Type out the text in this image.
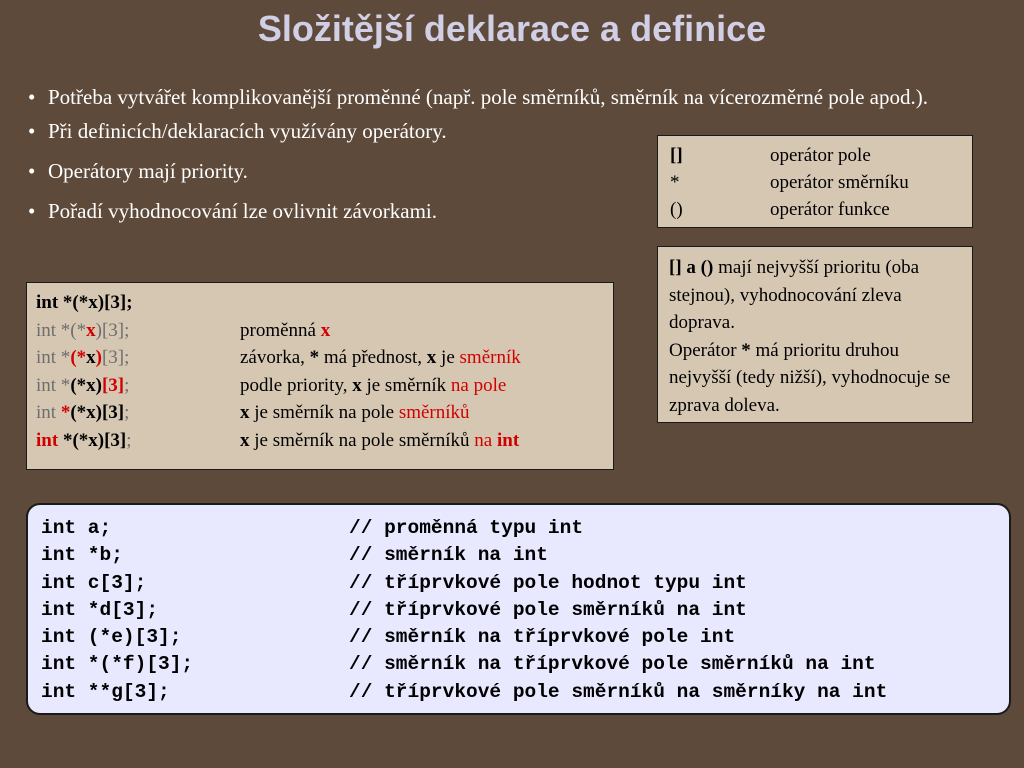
Složitější deklarace a definice
• Potřeba vytvářet komplikovanější proměnné (např. pole směrníků, směrník na vícerozměrné pole apod.).
• Při definicích/deklaracích využívány operátory.
• Operátory mají priority.
• Pořadí vyhodnocování lze ovlivnit závorkami.
[]	operátor pole
*	operátor směrníku
()	operátor funkce
[] a () mají nejvyšší prioritu (oba stejnou), vyhodnocování zleva doprava.
Operátor * má prioritu druhou nejvyšší (tedy nižší), vyhodnocuje se zprava doleva.
int *(*x)[3];
int *(*x)[3];	proměnná x
int *(*x)[3];	závorka, * má přednost, x je směrník
int *(*x)[3];	podle priority, x je směrník na pole
int *(*x)[3];	x je směrník na pole směrníků
int *(*x)[3];	x je směrník na pole směrníků na int
int a;	// proměnná typu int
int *b;	// směrník na int
int c[3];	// tříprvkové pole hodnot typu int
int *d[3];	// tříprvkové pole směrníků na int
int (*e)[3];	// směrník na tříprvkové pole int
int *(*f)[3];	// směrník na tříprvkové pole směrníků na int
int **g[3];	// tříprvkové pole směrníků na směrníky na int
